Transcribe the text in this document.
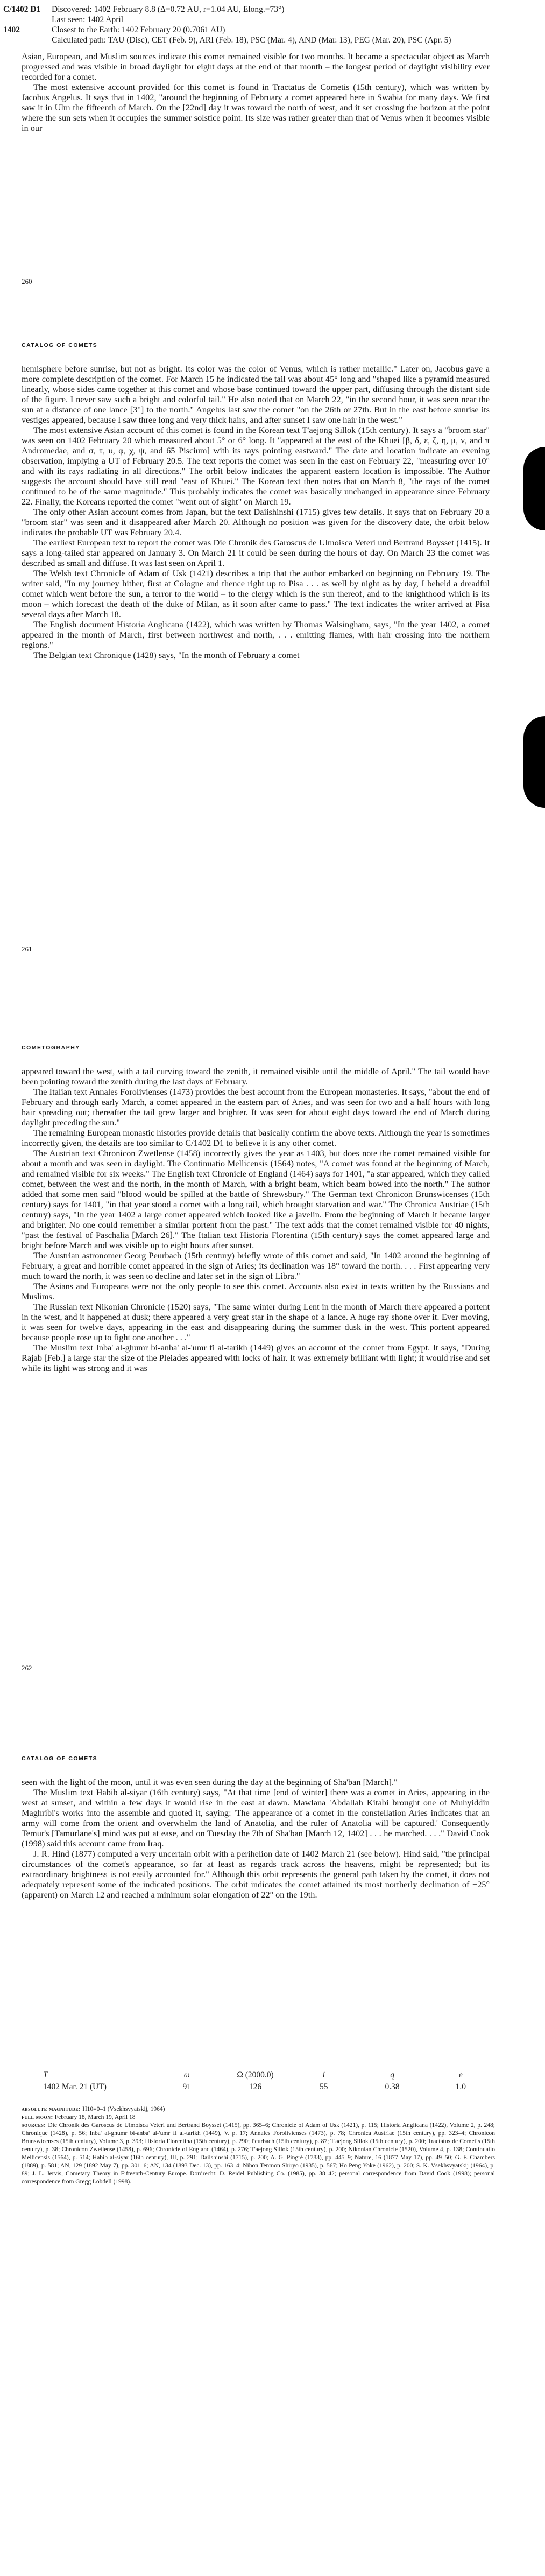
C/1402 D1	Discovered: 1402 February 8.8 (Δ=0.72 AU, r=1.04 AU, Elong.=73°)
Last seen: 1402 April
1402	Closest to the Earth: 1402 February 20 (0.7061 AU)
Calculated path: TAU (Disc), CET (Feb. 9), ARI (Feb. 18), PSC (Mar. 4), AND (Mar. 13), PEG (Mar. 20), PSC (Apr. 5)

Asian, European, and Muslim sources indicate this comet remained visible for two months. It became a spectacular object as March progressed and was visible in broad daylight for eight days at the end of that month – the longest period of daylight visibility ever recorded for a comet.

The most extensive account provided for this comet is found in Tractatus de Cometis (15th century), which was written by Jacobus Angelus. It says that in 1402, "around the beginning of February a comet appeared here in Swabia for many days. We first saw it in Ulm the fifteenth of March. On the [22nd] day it was toward the north of west, and it set crossing the horizon at the point where the sun sets when it occupies the summer solstice point. Its size was rather greater than that of Venus when it becomes visible in our

260
CATALOG OF COMETS

hemisphere before sunrise, but not as bright. Its color was the color of Venus, which is rather metallic." Later on, Jacobus gave a more complete description of the comet. For March 15 he indicated the tail was about 45° long and "shaped like a pyramid measured linearly, whose sides came together at this comet and whose base continued toward the upper part, diffusing through the distant side of the figure. I never saw such a bright and colorful tail." He also noted that on March 22, "in the second hour, it was seen near the sun at a distance of one lance [3°] to the north." Angelus last saw the comet "on the 26th or 27th. But in the east before sunrise its vestiges appeared, because I saw three long and very thick hairs, and after sunset I saw one hair in the west."

The most extensive Asian account of this comet is found in the Korean text T'aejong Sillok (15th century). It says a "broom star" was seen on 1402 February 20 which measured about 5° or 6° long. It "appeared at the east of the Khuei [β, δ, ε, ζ, η, μ, ν, and π Andromedae, and σ, τ, υ, φ, χ, ψ, and 65 Piscium] with its rays pointing eastward." The date and location indicate an evening observation, implying a UT of February 20.5. The text reports the comet was seen in the east on February 22, "measuring over 10° and with its rays radiating in all directions." The orbit below indicates the apparent eastern location is impossible. The Author suggests the account should have still read "east of Khuei." The Korean text then notes that on March 8, "the rays of the comet continued to be of the same magnitude." This probably indicates the comet was basically unchanged in appearance since February 22. Finally, the Koreans reported the comet "went out of sight" on March 19.

The only other Asian account comes from Japan, but the text Daiishinshi (1715) gives few details. It says that on February 20 a "broom star" was seen and it disappeared after March 20. Although no position was given for the discovery date, the orbit below indicates the probable UT was February 20.4.

The earliest European text to report the comet was Die Chronik des Garoscus de Ulmoisca Veteri und Bertrand Boysset (1415). It says a long-tailed star appeared on January 3. On March 21 it could be seen during the hours of day. On March 23 the comet was described as small and diffuse. It was last seen on April 1.

The Welsh text Chronicle of Adam of Usk (1421) describes a trip that the author embarked on beginning on February 19. The writer said, "In my journey hither, first at Cologne and thence right up to Pisa . . . as well by night as by day, I beheld a dreadful comet which went before the sun, a terror to the world – to the clergy which is the sun thereof, and to the knighthood which is its moon – which forecast the death of the duke of Milan, as it soon after came to pass." The text indicates the writer arrived at Pisa several days after March 18.

The English document Historia Anglicana (1422), which was written by Thomas Walsingham, says, "In the year 1402, a comet appeared in the month of March, first between northwest and north, . . . emitting flames, with hair crossing into the northern regions."

The Belgian text Chronique (1428) says, "In the month of February a comet

261
COMETOGRAPHY

appeared toward the west, with a tail curving toward the zenith, it remained visible until the middle of April." The tail would have been pointing toward the zenith during the last days of February.

The Italian text Annales Forolivienses (1473) provides the best account from the European monasteries. It says, "about the end of February and through early March, a comet appeared in the eastern part of Aries, and was seen for two and a half hours with long hair spreading out; thereafter the tail grew larger and brighter. It was seen for about eight days toward the end of March during daylight preceding the sun."

The remaining European monastic histories provide details that basically confirm the above texts. Although the year is sometimes incorrectly given, the details are too similar to C/1402 D1 to believe it is any other comet.

The Austrian text Chronicon Zwetlense (1458) incorrectly gives the year as 1403, but does note the comet remained visible for about a month and was seen in daylight. The Continuatio Mellicensis (1564) notes, "A comet was found at the beginning of March, and remained visible for six weeks." The English text Chronicle of England (1464) says for 1401, "a star appeared, which they called comet, between the west and the north, in the month of March, with a bright beam, which beam bowed into the north." The author added that some men said "blood would be spilled at the battle of Shrewsbury." The German text Chronicon Brunswicenses (15th century) says for 1401, "in that year stood a comet with a long tail, which brought starvation and war." The Chronica Austriae (15th century) says, "In the year 1402 a large comet appeared which looked like a javelin. From the beginning of March it became larger and brighter. No one could remember a similar portent from the past." The text adds that the comet remained visible for 40 nights, "past the festival of Paschalia [March 26]." The Italian text Historia Florentina (15th century) says the comet appeared large and bright before March and was visible up to eight hours after sunset.

The Austrian astronomer Georg Peurbach (15th century) briefly wrote of this comet and said, "In 1402 around the beginning of February, a great and horrible comet appeared in the sign of Aries; its declination was 18° toward the north. . . . First appearing very much toward the north, it was seen to decline and later set in the sign of Libra."

The Asians and Europeans were not the only people to see this comet. Accounts also exist in texts written by the Russians and Muslims.

The Russian text Nikonian Chronicle (1520) says, "The same winter during Lent in the month of March there appeared a portent in the west, and it happened at dusk; there appeared a very great star in the shape of a lance. A huge ray shone over it. Ever moving, it was seen for twelve days, appearing in the east and disappearing during the summer dusk in the west. This portent appeared because people rose up to fight one another . . ."

The Muslim text Inba' al-ghumr bi-anba' al-'umr fi al-tarikh (1449) gives an account of the comet from Egypt. It says, "During Rajab [Feb.] a large star the size of the Pleiades appeared with locks of hair. It was extremely brilliant with light; it would rise and set while its light was strong and it was

262
CATALOG OF COMETS

seen with the light of the moon, until it was even seen during the day at the beginning of Sha'ban [March]."

The Muslim text Habib al-siyar (16th century) says, "At that time [end of winter] there was a comet in Aries, appearing in the west at sunset, and within a few days it would rise in the east at dawn. Mawlana 'Abdallah Kitabi brought one of Muhyiddin Maghribi's works into the assemble and quoted it, saying: 'The appearance of a comet in the constellation Aries indicates that an army will come from the orient and overwhelm the land of Anatolia, and the ruler of Anatolia will be captured.' Consequently Temur's [Tamurlane's] mind was put at ease, and on Tuesday the 7th of Sha'ban [March 12, 1402] . . . he marched. . . ." David Cook (1998) said this account came from Iraq.

J. R. Hind (1877) computed a very uncertain orbit with a perihelion date of 1402 March 21 (see below). Hind said, "the principal circumstances of the comet's appearance, so far at least as regards track across the heavens, might be represented; but its extraordinary brightness is not easily accounted for." Although this orbit represents the general path taken by the comet, it does not adequately represent some of the indicated positions. The orbit indicates the comet attained its most northerly declination of +25° (apparent) on March 12 and reached a minimum solar elongation of 22° on the 19th.

T	ω	Ω (2000.0)	i	q	e
1402 Mar. 21 (UT)	91	126	55	0.38	1.0
absolute magnitude: H10=0–1 (Vsekhsvyatskij, 1964)
full moon: February 18, March 19, April 18
sources: Die Chronik des Garoscus de Ulmoisca Veteri und Bertrand Boysset (1415), pp. 365–6; Chronicle of Adam of Usk (1421), p. 115; Historia Anglicana (1422), Volume 2, p. 248; Chronique (1428), p. 56; Inba' al-ghumr bi-anba' al-'umr fi al-tarikh (1449), V. p. 17; Annales Forolivienses (1473), p. 78; Chronica Austriae (15th century), pp. 323–4; Chronicon Brunswicenses (15th century), Volume 3, p. 393; Historia Florentina (15th century), p. 290; Peurbach (15th century), p. 87; T'aejong Sillok (15th century), p. 200; Tractatus de Cometis (15th century), p. 38; Chronicon Zwetlense (1458), p. 696; Chronicle of England (1464), p. 276; T'aejong Sillok (15th century), p. 200; Nikonian Chronicle (1520), Volume 4, p. 138; Continuatio Mellicensis (1564), p. 514; Habib al-siyar (16th century), III, p. 291; Daiishinshi (1715), p. 200; A. G. Pingré (1783), pp. 445–9; Nature, 16 (1877 May 17), pp. 49–50; G. F. Chambers (1889), p. 581; AN, 129 (1892 May 7), pp. 301–6; AN, 134 (1893 Dec. 13), pp. 163–4; Nihon Tenmon Shiryo (1935), p. 567; Ho Peng Yoke (1962), p. 200; S. K. Vsekhsvyatskij (1964), p. 89; J. L. Jervis, Cometary Theory in Fifteenth-Century Europe. Dordrecht: D. Reidel Publishing Co. (1985), pp. 38–42; personal correspondence from David Cook (1998); personal correspondence from Gregg Lobdell (1998).
